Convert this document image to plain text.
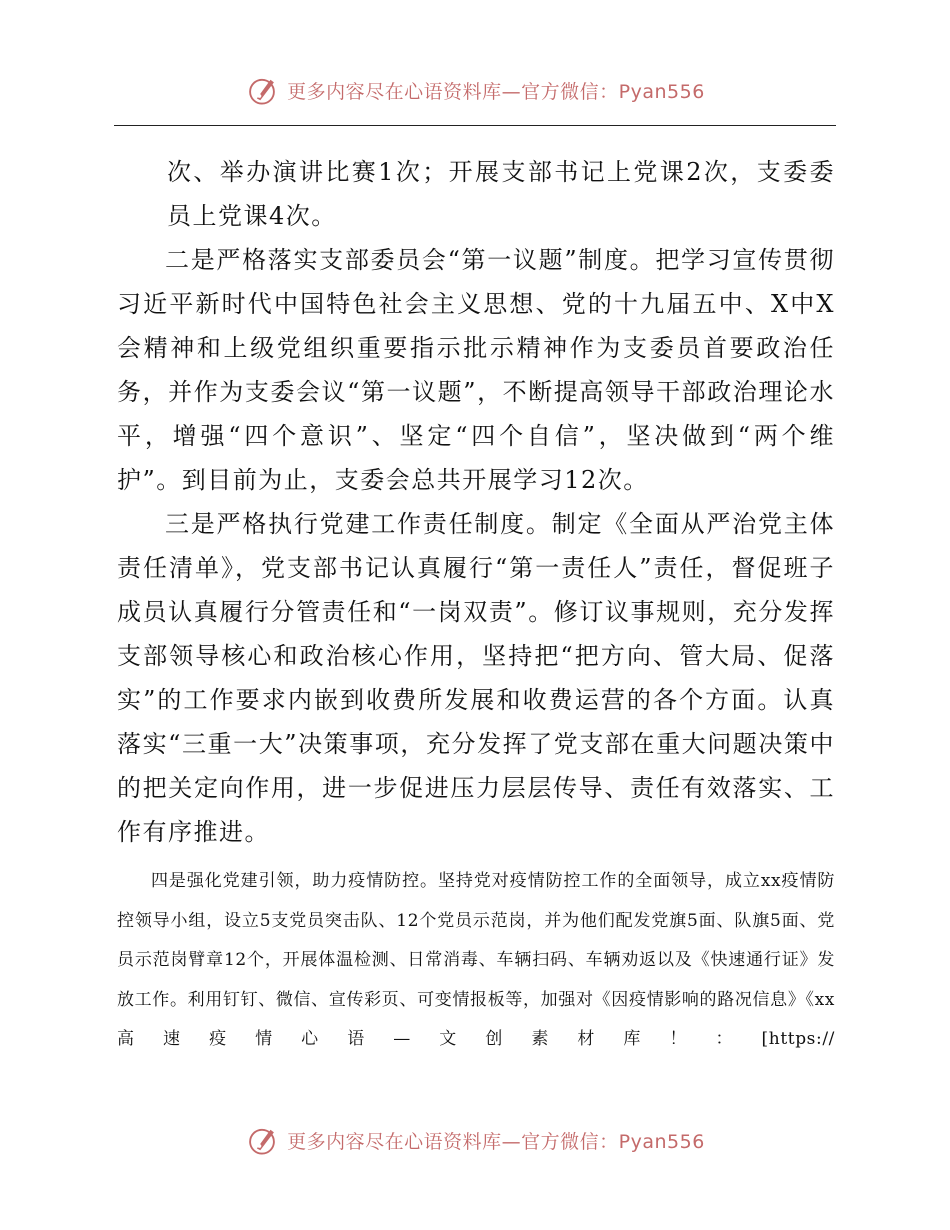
更多内容尽在心语资料库—官方微信：Pyan556

次、举办演讲比赛1次；开展支部书记上党课2次，支委委员上党课4次。

二是严格落实支部委员会“第一议题”制度。把学习宣传贯彻习近平新时代中国特色社会主义思想、党的十九届五中、X中X会精神和上级党组织重要指示批示精神作为支委员首要政治任务，并作为支委会议“第一议题”，不断提高领导干部政治理论水平，增强“四个意识”、坚定“四个自信”，坚决做到“两个维护”。到目前为止，支委会总共开展学习12次。

三是严格执行党建工作责任制度。制定《全面从严治党主体责任清单》，党支部书记认真履行“第一责任人”责任，督促班子成员认真履行分管责任和“一岗双责”。修订议事规则，充分发挥支部领导核心和政治核心作用，坚持把“把方向、管大局、促落实”的工作要求内嵌到收费所发展和收费运营的各个方面。认真落实“三重一大”决策事项，充分发挥了党支部在重大问题决策中的把关定向作用，进一步促进压力层层传导、责任有效落实、工作有序推进。

四是强化党建引领，助力疫情防控。坚持党对疫情防控工作的全面领导，成立xx疫情防控领导小组，设立5支党员突击队、12个党员示范岗，并为他们配发党旗5面、队旗5面、党员示范岗臂章12个，开展体温检测、日常消毒、车辆扫码、车辆劝返以及《快速通行证》发放工作。利用钉钉、微信、宣传彩页、可变情报板等，加强对《因疫情影响的路况信息》《xx高速疫情心语—文创素材库！：[https://

更多内容尽在心语资料库—官方微信：Pyan556
